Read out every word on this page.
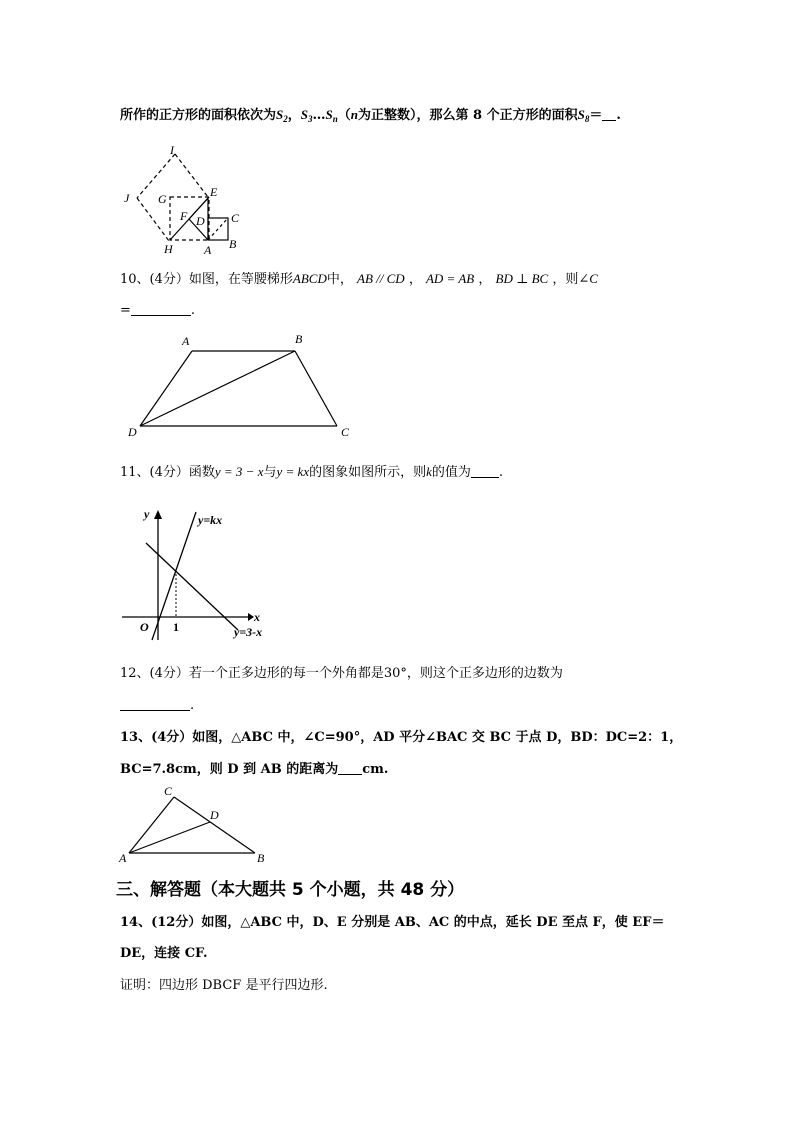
所作的正方形的面积依次为$S_2$，$S_3\dots S_n(n$为正整数），那么第 8 个正方形的面积$S_8=$ .
I
J G	E
F D C
H	A B
10、(4分）如图，在等腰梯形ABCD中， AB // CD ， AD = AB ， BD ⊥ BC ，则∠C
=	.
A	B
D	C
11、(4分）函数y = 3 − x与y = kx的图象如图所示，则k的值为 .
y
x
O 1
y=kx
y=3-x
12、(4分）若一个正多边形的每一个外角都是30°，则这个正多边形的边数为
.
13、(4分）如图，△ABC 中，∠C=90°，AD 平分∠BAC 交 BC 于点 D，BD：DC=2：1，
BC=7.8cm，则 D 到 AB 的距离为 cm.
C
D
A	B
三、解答题（本大题共 5 个小题，共 48 分）
14、(12分）如图，△ABC 中，D、E 分别是 AB、AC 的中点，延长 DE 至点 F，使 EF＝
DE，连接 CF.
证明：四边形 DBCF 是平行四边形.
